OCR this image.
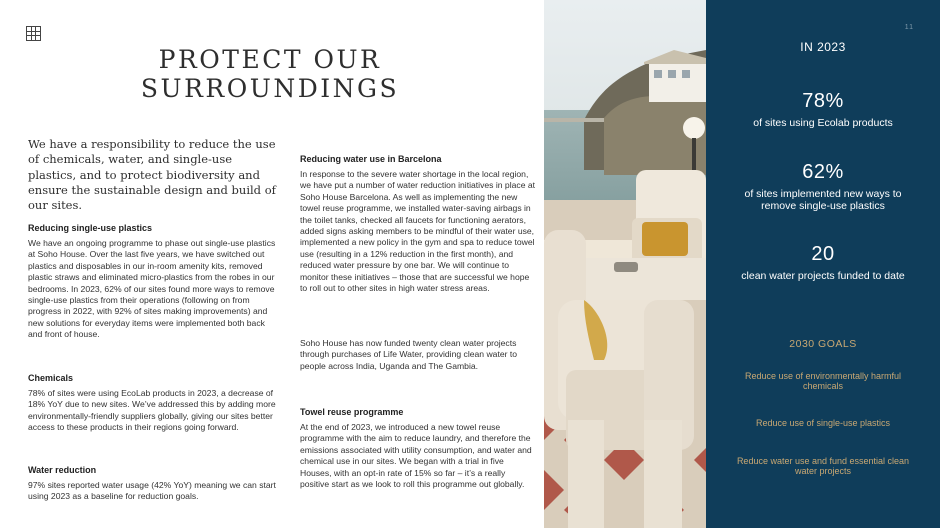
PROTECT OUR
SURROUNDINGS

We have a responsibility to reduce the use of chemicals, water, and single-use plastics, and to protect biodiversity and ensure the sustainable design and build of our sites.

Reducing single-use plastics
We have an ongoing programme to phase out single-use plastics at Soho House. Over the last five years, we have switched out plastics and disposables in our in-room amenity kits, removed plastic straws and eliminated micro-plastics from the robes in our bedrooms. In 2023, 62% of our sites found more ways to remove single-use plastics from their operations (following on from progress in 2022, with 92% of sites making improvements) and new solutions for everyday items were implemented both back and front of house.
Chemicals
78% of sites were using EcoLab products in 2023, a decrease of 18% YoY due to new sites. We’ve addressed this by adding more environmentally-friendly suppliers globally, giving our sites better access to these products in their regions going forward.
Water reduction
97% sites reported water usage (42% YoY) meaning we can start using 2023 as a baseline for reduction goals.
Reducing water use in Barcelona
In response to the severe water shortage in the local region, we have put a number of water reduction initiatives in place at Soho House Barcelona. As well as implementing the new towel reuse programme, we installed water-saving airbags in the toilet tanks, checked all faucets for functioning aerators, added signs asking members to be mindful of their water use, implemented a new policy in the gym and spa to reduce towel use (resulting in a 12% reduction in the first month), and reduced water pressure by one bar. We will continue to monitor these initiatives – those that are successful we hope to roll out to other sites in high water stress areas.
Soho House has now funded twenty clean water projects through purchases of Life Water, providing clean water to people across India, Uganda and The Gambia.
Towel reuse programme
At the end of 2023, we introduced a new towel reuse programme with the aim to reduce laundry, and therefore the emissions associated with utility consumption, and water and chemical use in our sites. We began with a trial in five Houses, with an opt-in rate of 15% so far – it’s a really positive start as we look to roll this programme out globally.
11
IN 2023
78%
of sites using Ecolab products
62%
of sites implemented new ways to remove single-use plastics
20
clean water projects funded to date
2030 GOALS
Reduce use of environmentally harmful chemicals
Reduce use of single-use plastics
Reduce water use and fund essential clean water projects
